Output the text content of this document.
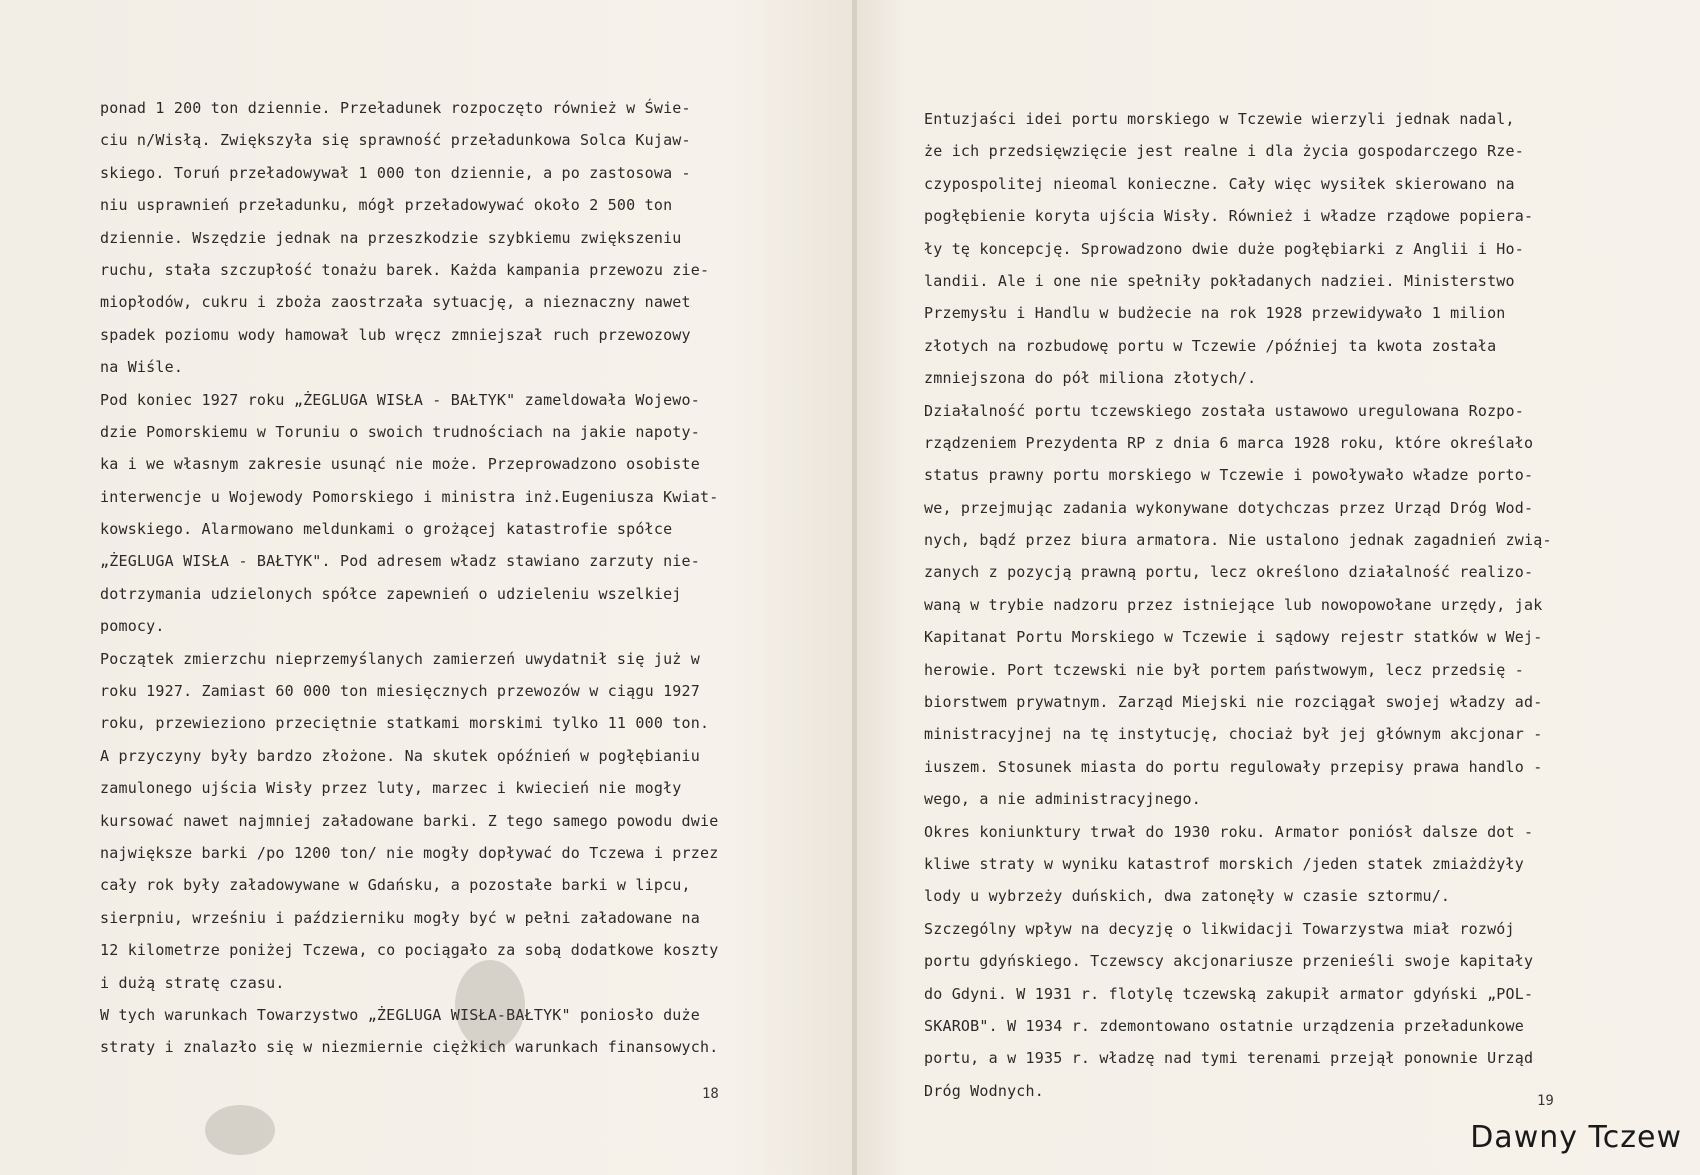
ponad 1 200 ton dziennie. Przeładunek rozpoczęto również w Świe-
ciu n/Wisłą. Zwiększyła się sprawność przeładunkowa Solca Kujaw-
skiego. Toruń przeładowywał 1 000 ton dziennie, a po zastosowa -
niu usprawnień przeładunku, mógł przeładowywać około 2 500 ton
dziennie. Wszędzie jednak na przeszkodzie szybkiemu zwiększeniu
ruchu, stała szczupłość tonażu barek. Każda kampania przewozu zie-
miopłodów, cukru i zboża zaostrzała sytuację, a nieznaczny nawet
spadek poziomu wody hamował lub wręcz zmniejszał ruch przewozowy
na Wiśle.
Pod koniec 1927 roku „ŻEGLUGA WISŁA - BAŁTYK" zameldowała Wojewo-
dzie Pomorskiemu w Toruniu o swoich trudnościach na jakie napoty-
ka i we własnym zakresie usunąć nie może. Przeprowadzono osobiste
interwencje u Wojewody Pomorskiego i ministra inż.Eugeniusza Kwiat-
kowskiego. Alarmowano meldunkami o grożącej katastrofie spółce
„ŻEGLUGA WISŁA - BAŁTYK". Pod adresem władz stawiano zarzuty nie-
dotrzymania udzielonych spółce zapewnień o udzieleniu wszelkiej
pomocy.
Początek zmierzchu nieprzemyślanych zamierzeń uwydatnił się już w
roku 1927. Zamiast 60 000 ton miesięcznych przewozów w ciągu 1927
roku, przewieziono przeciętnie statkami morskimi tylko 11 000 ton.
A przyczyny były bardzo złożone. Na skutek opóźnień w pogłębianiu
zamulonego ujścia Wisły przez luty, marzec i kwiecień nie mogły
kursować nawet najmniej załadowane barki. Z tego samego powodu dwie
największe barki /po 1200 ton/ nie mogły dopływać do Tczewa i przez
cały rok były załadowywane w Gdańsku, a pozostałe barki w lipcu,
sierpniu, wrześniu i październiku mogły być w pełni załadowane na
12 kilometrze poniżej Tczewa, co pociągało za sobą dodatkowe koszty
i dużą stratę czasu.
W tych warunkach Towarzystwo „ŻEGLUGA WISŁA-BAŁTYK" poniosło duże
straty i znalazło się w niezmiernie ciężkich warunkach finansowych.
18
Entuzjaści idei portu morskiego w Tczewie wierzyli jednak nadal,
że ich przedsięwzięcie jest realne i dla życia gospodarczego Rze-
czypospolitej nieomal konieczne. Cały więc wysiłek skierowano na
pogłębienie koryta ujścia Wisły. Również i władze rządowe popiera-
ły tę koncepcję. Sprowadzono dwie duże pogłębiarki z Anglii i Ho-
landii. Ale i one nie spełniły pokładanych nadziei. Ministerstwo
Przemysłu i Handlu w budżecie na rok 1928 przewidywało 1 milion
złotych na rozbudowę portu w Tczewie /później ta kwota została
zmniejszona do pół miliona złotych/.
Działalność portu tczewskiego została ustawowo uregulowana Rozpo-
rządzeniem Prezydenta RP z dnia 6 marca 1928 roku, które określało
status prawny portu morskiego w Tczewie i powoływało władze porto-
we, przejmując zadania wykonywane dotychczas przez Urząd Dróg Wod-
nych, bądź przez biura armatora. Nie ustalono jednak zagadnień zwią-
zanych z pozycją prawną portu, lecz określono działalność realizo-
waną w trybie nadzoru przez istniejące lub nowopowołane urzędy, jak
Kapitanat Portu Morskiego w Tczewie i sądowy rejestr statków w Wej-
herowie. Port tczewski nie był portem państwowym, lecz przedsię -
biorstwem prywatnym. Zarząd Miejski nie rozciągał swojej władzy ad-
ministracyjnej na tę instytucję, chociaż był jej głównym akcjonar -
iuszem. Stosunek miasta do portu regulowały przepisy prawa handlo -
wego, a nie administracyjnego.
Okres koniunktury trwał do 1930 roku. Armator poniósł dalsze dot -
kliwe straty w wyniku katastrof morskich /jeden statek zmiażdżyły
lody u wybrzeży duńskich, dwa zatonęły w czasie sztormu/.
Szczególny wpływ na decyzję o likwidacji Towarzystwa miał rozwój
portu gdyńskiego. Tczewscy akcjonariusze przenieśli swoje kapitały
do Gdyni. W 1931 r. flotylę tczewską zakupił armator gdyński „POL-
SKAROB". W 1934 r. zdemontowano ostatnie urządzenia przeładunkowe
portu, a w 1935 r. władzę nad tymi terenami przejął ponownie Urząd
Dróg Wodnych.
19
Dawny Tczew
